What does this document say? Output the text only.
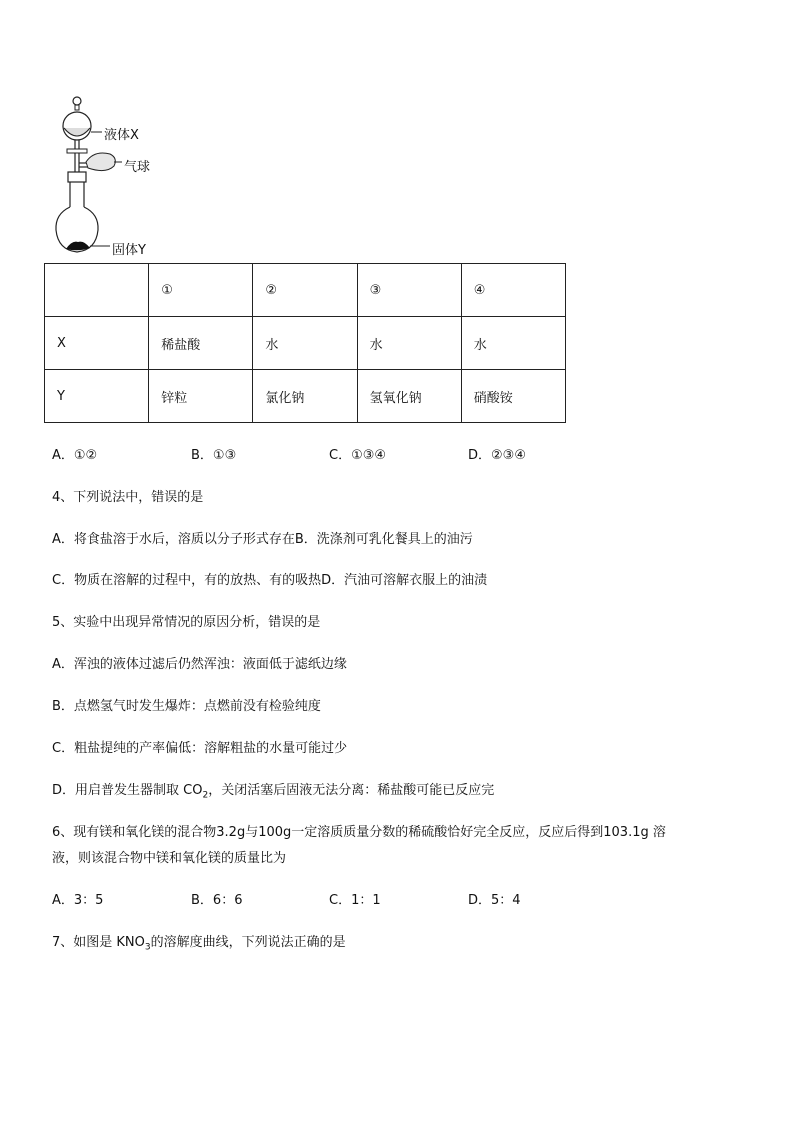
液体X
气球
固体Y
	①	②	③	④
X	稀盐酸	水	水	水
Y	锌粒	氯化钠	氢氧化钠	硝酸铵
A．①②	B．①③	C．①③④	D．②③④
4、下列说法中，错误的是
A．将食盐溶于水后，溶质以分子形式存在B．洗涤剂可乳化餐具上的油污
C．物质在溶解的过程中，有的放热、有的吸热D．汽油可溶解衣服上的油渍
5、实验中出现异常情况的原因分析，错误的是
A．浑浊的液体过滤后仍然浑浊：液面低于滤纸边缘
B．点燃氢气时发生爆炸：点燃前没有检验纯度
C．粗盐提纯的产率偏低：溶解粗盐的水量可能过少
D．用启普发生器制取 $CO_2$，关闭活塞后固液无法分离：稀盐酸可能已反应完
6、现有镁和氧化镁的混合物3.2g与100g一定溶质质量分数的稀硫酸恰好完全反应，反应后得到103.1g 溶
液，则该混合物中镁和氧化镁的质量比为
A．3：5	B．6：6	C．1：1	D．5：4
7、如图是 $KNO_3$的溶解度曲线，下列说法正确的是
